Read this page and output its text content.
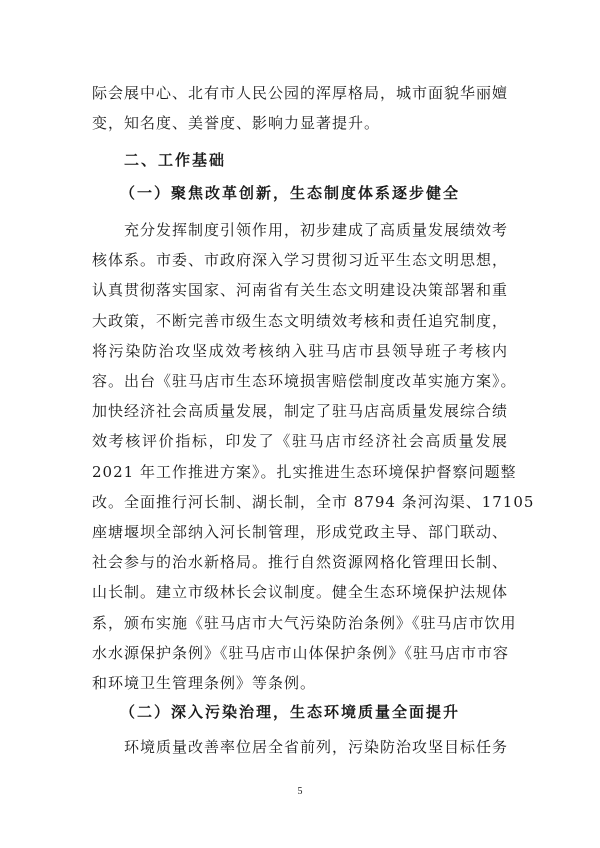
际会展中心、北有市人民公园的浑厚格局，城市面貌华丽嬗
变，知名度、美誉度、影响力显著提升。
二、工作基础
（一）聚焦改革创新，生态制度体系逐步健全
充分发挥制度引领作用，初步建成了高质量发展绩效考
核体系。市委、市政府深入学习贯彻习近平生态文明思想，
认真贯彻落实国家、河南省有关生态文明建设决策部署和重
大政策，不断完善市级生态文明绩效考核和责任追究制度，
将污染防治攻坚成效考核纳入驻马店市县领导班子考核内
容。出台《驻马店市生态环境损害赔偿制度改革实施方案》。
加快经济社会高质量发展，制定了驻马店高质量发展综合绩
效考核评价指标，印发了《驻马店市经济社会高质量发展
2021 年工作推进方案》。扎实推进生态环境保护督察问题整
改。全面推行河长制、湖长制，全市 8794 条河沟渠、17105
座塘堰坝全部纳入河长制管理，形成党政主导、部门联动、
社会参与的治水新格局。推行自然资源网格化管理田长制、
山长制。建立市级林长会议制度。健全生态环境保护法规体
系，颁布实施《驻马店市大气污染防治条例》《驻马店市饮用
水水源保护条例》《驻马店市山体保护条例》《驻马店市市容
和环境卫生管理条例》等条例。
（二）深入污染治理，生态环境质量全面提升
环境质量改善率位居全省前列，污染防治攻坚目标任务
5
